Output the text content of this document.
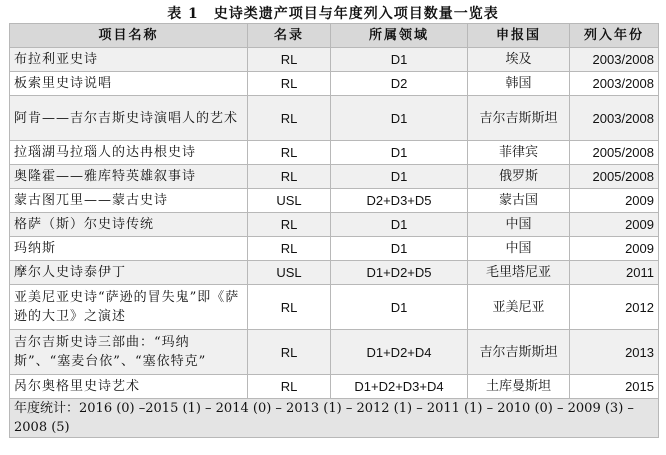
表 1　史诗类遗产项目与年度列入项目数量一览表
项目名称	名录	所属领域	申报国	列入年份
布拉利亚史诗	RL	D1	埃及	2003/2008
板索里史诗说唱	RL	D2	韩国	2003/2008
阿肯——吉尔吉斯史诗演唱人的艺术	RL	D1	吉尔吉斯斯坦	2003/2008
拉瑙湖马拉瑙人的达冉根史诗	RL	D1	菲律宾	2005/2008
奥隆霍——雅库特英雄叙事诗	RL	D1	俄罗斯	2005/2008
蒙古图兀里——蒙古史诗	USL	D2+D3+D5	蒙古国	2009
格萨（斯）尔史诗传统	RL	D1	中国	2009
玛纳斯	RL	D1	中国	2009
摩尔人史诗泰伊丁	USL	D1+D2+D5	毛里塔尼亚	2011
亚美尼亚史诗“萨逊的冒失鬼”即《萨逊的大卫》之演述	RL	D1	亚美尼亚	2012
吉尔吉斯史诗三部曲：“玛纳斯”、“塞麦台依”、“塞依特克”	RL	D1+D2+D4	吉尔吉斯斯坦	2013
呙尔奥格里史诗艺术	RL	D1+D2+D3+D4	土库曼斯坦	2015
年度统计：2016 (0) –2015 (1) – 2014 (0) – 2013 (1) – 2012 (1) – 2011 (1) – 2010 (0) – 2009 (3) – 2008 (5)				
